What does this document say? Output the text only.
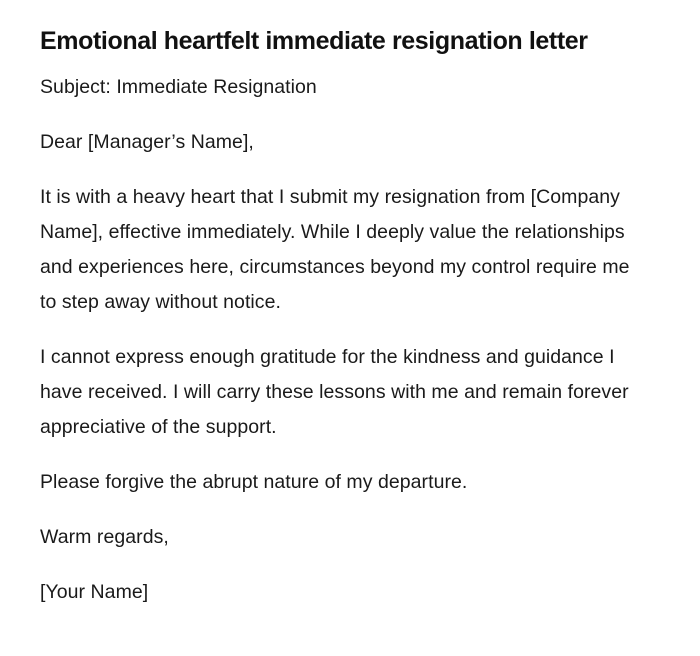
Emotional heartfelt immediate resignation letter

Subject: Immediate Resignation

Dear [Manager’s Name],

It is with a heavy heart that I submit my resignation from [Company Name], effective immediately. While I deeply value the relationships and experiences here, circumstances beyond my control require me to step away without notice.

I cannot express enough gratitude for the kindness and guidance I have received. I will carry these lessons with me and remain forever appreciative of the support.

Please forgive the abrupt nature of my departure.

Warm regards,

[Your Name]
